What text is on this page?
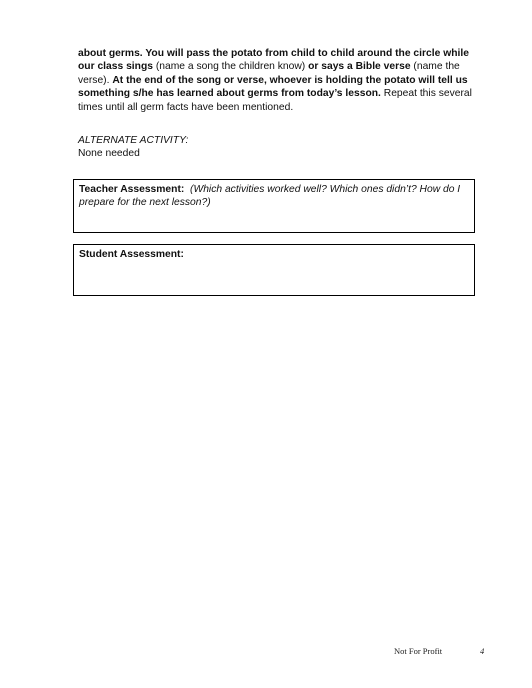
about germs. You will pass the potato from child to child around the circle while our class sings (name a song the children know) or says a Bible verse (name the verse). At the end of the song or verse, whoever is holding the potato will tell us something s/he has learned about germs from today’s lesson. Repeat this several times until all germ facts have been mentioned.

ALTERNATE ACTIVITY:
None needed
Teacher Assessment: (Which activities worked well? Which ones didn’t? How do I prepare for the next lesson?)
Student Assessment:
Not For Profit	4
